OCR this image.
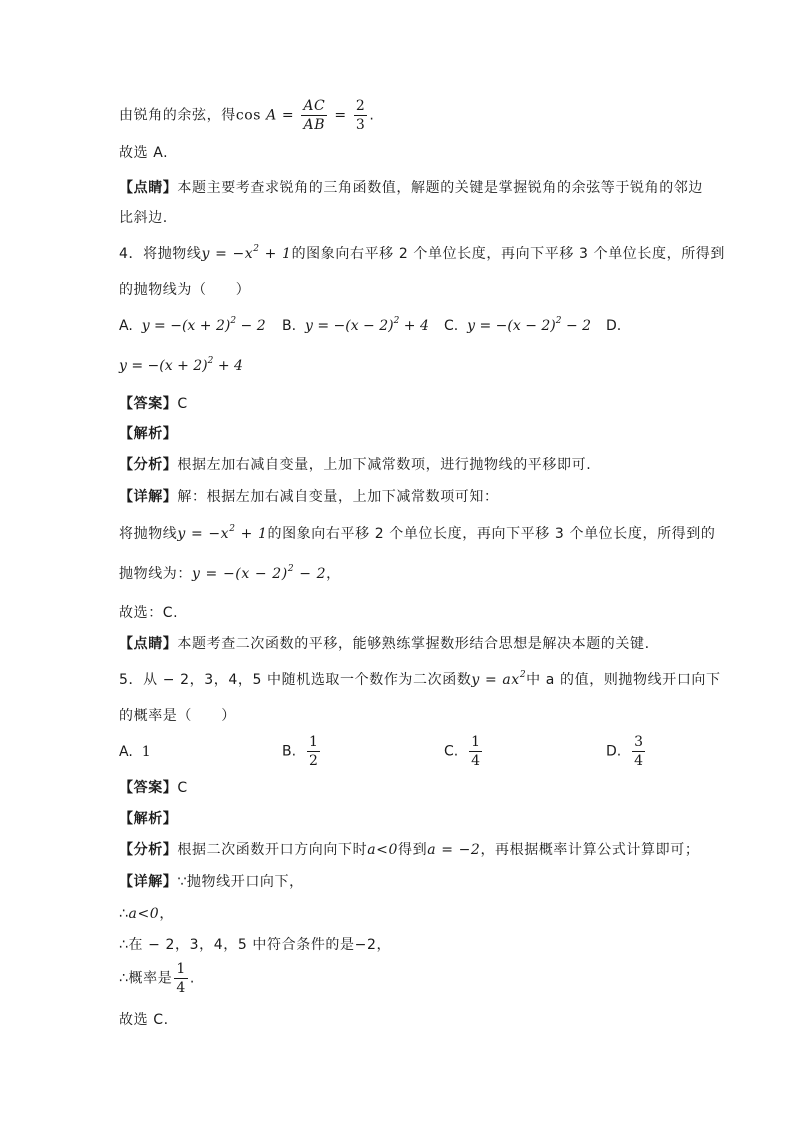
由锐角的余弦，得$\cos A = \frac{AC}{AB} = \frac{2}{3}$ .
故选 A.
【点睛】本题主要考查求锐角的三角函数值，解题的关键是掌握锐角的余弦等于锐角的邻边
比斜边.
4．将抛物线$y = -x^2 + 1$的图象向右平移 2 个单位长度，再向下平移 3 个单位长度，所得到
的抛物线为（　　）
A. $y = -(x + 2)^2 - 2$ B. $y = -(x - 2)^2 + 4$ C. $y = -(x - 2)^2 - 2$ D.
$y = -(x + 2)^2 + 4$
【答案】C
【解析】
【分析】根据左加右减自变量，上加下减常数项，进行抛物线的平移即可.
【详解】解：根据左加右减自变量，上加下减常数项可知：
将抛物线$y = -x^2 + 1$的图象向右平移 2 个单位长度，再向下平移 3 个单位长度，所得到的
抛物线为：$y = -(x - 2)^2 - 2$，
故选：C.
【点睛】本题考查二次函数的平移，能够熟练掌握数形结合思想是解决本题的关键.
5．从 − 2，3，4，5 中随机选取一个数作为二次函数$y = ax^2$中 a 的值，则抛物线开口向下
的概率是（　　）
A. 1	B. $\frac{1}{2}$	C. $\frac{1}{4}$	D. $\frac{3}{4}$
【答案】C
【解析】
【分析】根据二次函数开口方向向下时a<0得到a = −2，再根据概率计算公式计算即可；
【详解】∵抛物线开口向下，
∴a<0，
∴在 − 2，3，4，5 中符合条件的是−2，
∴概率是 $\frac{1}{4}$ .
故选 C.
